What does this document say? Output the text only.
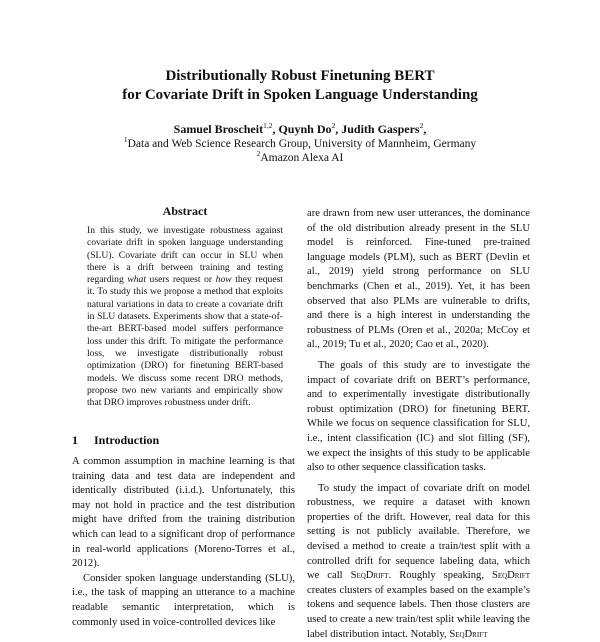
Distributionally Robust Finetuning BERT
for Covariate Drift in Spoken Language Understanding
Samuel Broscheit$^{1,2}$, Quynh Do$^2$, Judith Gaspers$^2$,
$^1$Data and Web Science Research Group, University of Mannheim, Germany
$^2$Amazon Alexa AI
Abstract
In this study, we investigate robustness against covariate drift in spoken language understanding (SLU). Covariate drift can occur in SLU when there is a drift between training and testing regarding what users request or how they request it. To study this we propose a method that exploits natural variations in data to create a covariate drift in SLU datasets. Experiments show that a state-of-the-art BERT-based model suffers performance loss under this drift. To mitigate the performance loss, we investigate distributionally robust optimization (DRO) for finetuning BERT-based models. We discuss some recent DRO methods, propose two new variants and empirically show that DRO improves robustness under drift.
1 Introduction

A common assumption in machine learning is that training data and test data are independent and identically distributed (i.i.d.). Unfortunately, this may not hold in practice and the test distribution might have drifted from the training distribution which can lead to a significant drop of performance in real-world applications (Moreno-Torres et al., 2012).

Consider spoken language understanding (SLU), i.e., the task of mapping an utterance to a machine readable semantic interpretation, which is commonly used in voice-controlled devices like

are drawn from new user utterances, the dominance of the old distribution already present in the SLU model is reinforced. Fine-tuned pre-trained language models (PLM), such as BERT (Devlin et al., 2019) yield strong performance on SLU benchmarks (Chen et al., 2019). Yet, it has been observed that also PLMs are vulnerable to drifts, and there is a high interest in understanding the robustness of PLMs (Oren et al., 2020a; McCoy et al., 2019; Tu et al., 2020; Cao et al., 2020).

The goals of this study are to investigate the impact of covariate drift on BERT’s performance, and to experimentally investigate distributionally robust optimization (DRO) for finetuning BERT. While we focus on sequence classification for SLU, i.e., intent classification (IC) and slot filling (SF), we expect the insights of this study to be applicable also to other sequence classification tasks.

To study the impact of covariate drift on model robustness, we require a dataset with known properties of the drift. However, real data for this setting is not publicly available. Therefore, we devised a method to create a train/test split with a controlled drift for sequence labeling data, which we call SeqDrift. Roughly speaking, SeqDrift creates clusters of examples based on the example’s tokens and sequence labels. Then those clusters are used to create a new train/test split while leaving the label distribution intact. Notably, SeqDrift
